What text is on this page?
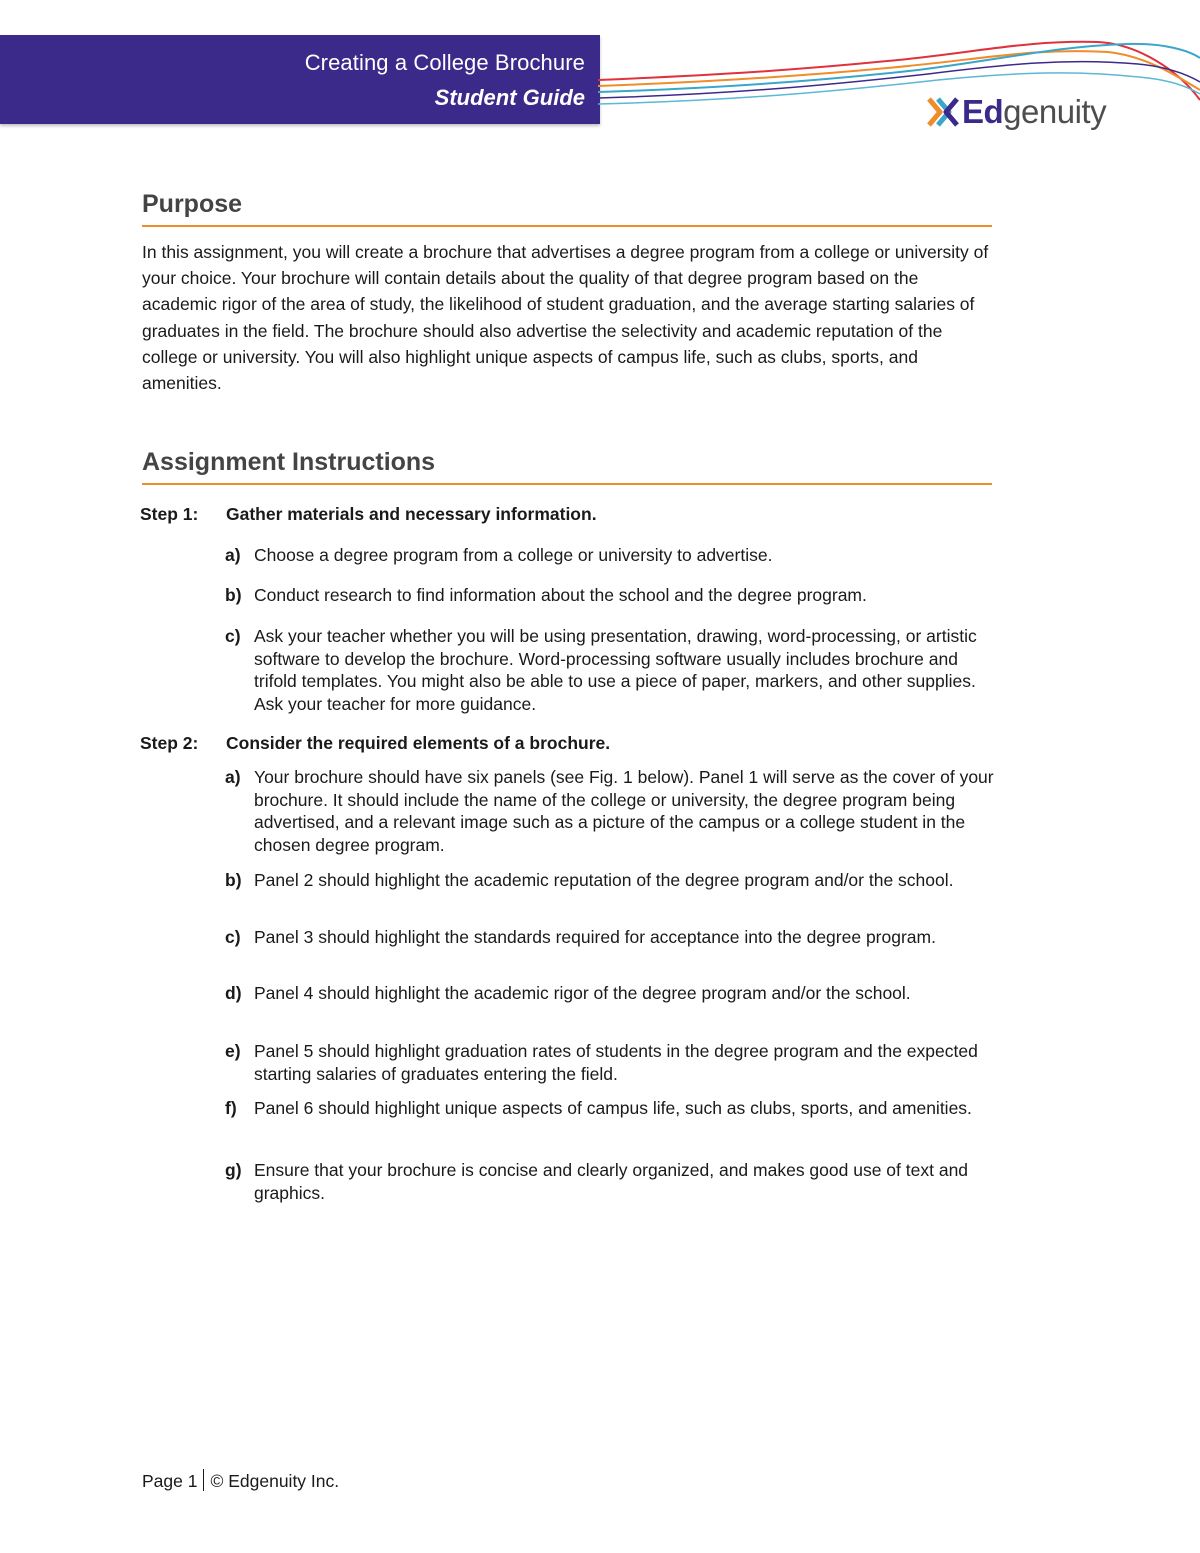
Creating a College Brochure
Student Guide	Edgenuity
Purpose
In this assignment, you will create a brochure that advertises a degree program from a college or university of your choice. Your brochure will contain details about the quality of that degree program based on the academic rigor of the area of study, the likelihood of student graduation, and the average starting salaries of graduates in the field. The brochure should also advertise the selectivity and academic reputation of the college or university. You will also highlight unique aspects of campus life, such as clubs, sports, and amenities.
Assignment Instructions
Step 1: Gather materials and necessary information.
a) Choose a degree program from a college or university to advertise.
b) Conduct research to find information about the school and the degree program.
c) Ask your teacher whether you will be using presentation, drawing, word-processing, or artistic software to develop the brochure. Word-processing software usually includes brochure and trifold templates. You might also be able to use a piece of paper, markers, and other supplies. Ask your teacher for more guidance.
Step 2: Consider the required elements of a brochure.
a) Your brochure should have six panels (see Fig. 1 below). Panel 1 will serve as the cover of your brochure. It should include the name of the college or university, the degree program being advertised, and a relevant image such as a picture of the campus or a college student in the chosen degree program.
b) Panel 2 should highlight the academic reputation of the degree program and/or the school.
c) Panel 3 should highlight the standards required for acceptance into the degree program.
d) Panel 4 should highlight the academic rigor of the degree program and/or the school.
e) Panel 5 should highlight graduation rates of students in the degree program and the expected starting salaries of graduates entering the field.
f) Panel 6 should highlight unique aspects of campus life, such as clubs, sports, and amenities.
g) Ensure that your brochure is concise and clearly organized, and makes good use of text and graphics.
Page 1 © Edgenuity Inc.
